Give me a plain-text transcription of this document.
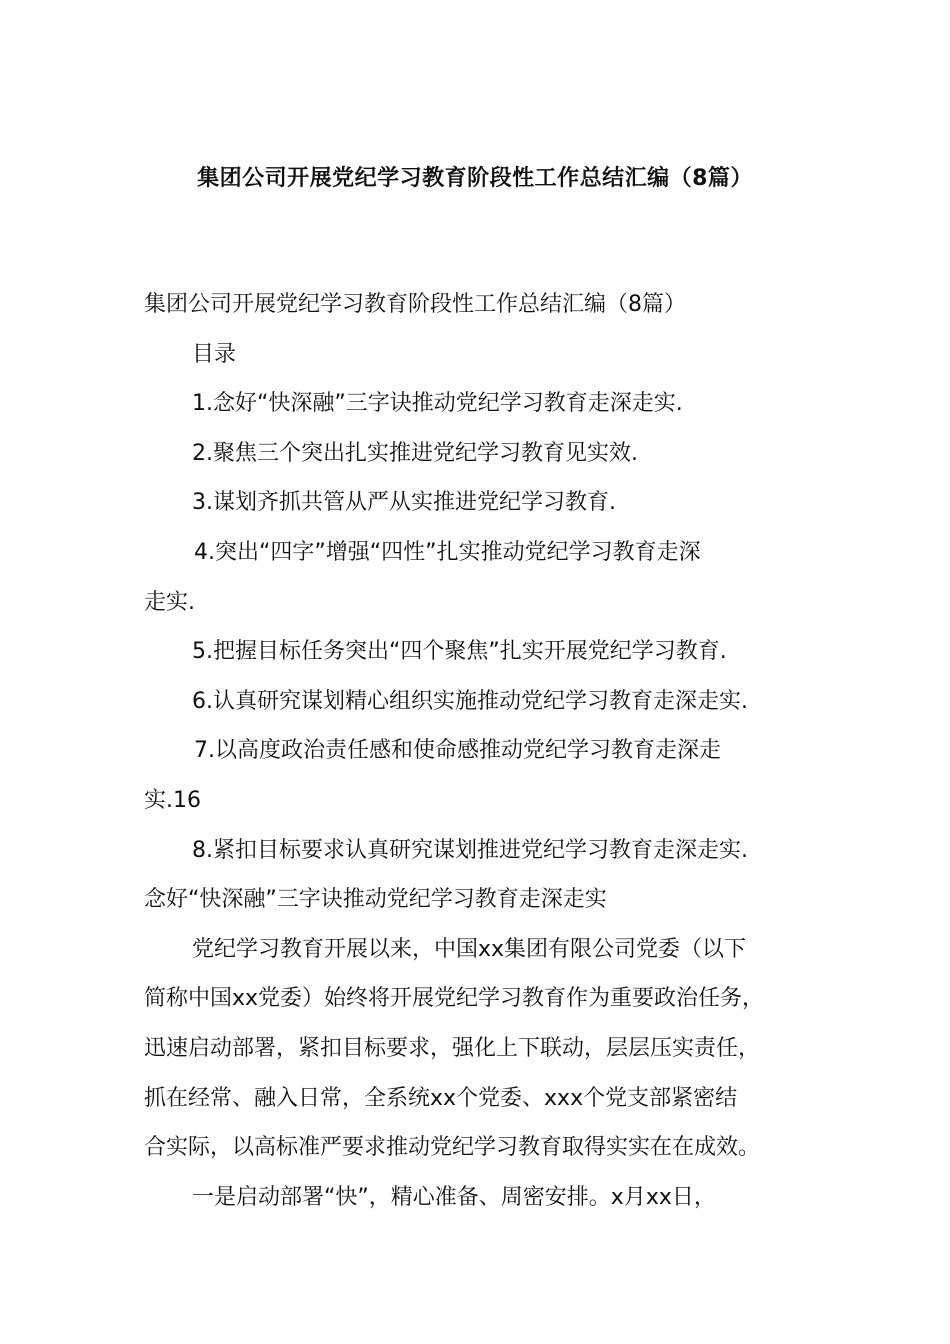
集团公司开展党纪学习教育阶段性工作总结汇编（8篇）

集团公司开展党纪学习教育阶段性工作总结汇编（8篇）

目录

1.念好“快深融”三字诀推动党纪学习教育走深走实.

2.聚焦三个突出扎实推进党纪学习教育见实效.

3.谋划齐抓共管从严从实推进党纪学习教育.

4.突出“四字”增强“四性”扎实推动党纪学习教育走深

走实.

5.把握目标任务突出“四个聚焦”扎实开展党纪学习教育.

6.认真研究谋划精心组织实施推动党纪学习教育走深走实.

7.以高度政治责任感和使命感推动党纪学习教育走深走

实.16

8.紧扣目标要求认真研究谋划推进党纪学习教育走深走实.

念好“快深融”三字诀推动党纪学习教育走深走实

党纪学习教育开展以来，中国xx集团有限公司党委（以下

简称中国xx党委）始终将开展党纪学习教育作为重要政治任务，

迅速启动部署，紧扣目标要求，强化上下联动，层层压实责任，

抓在经常、融入日常，全系统xx个党委、xxx个党支部紧密结

合实际，以高标准严要求推动党纪学习教育取得实实在在成效。

一是启动部署“快”，精心准备、周密安排。x月xx日，
